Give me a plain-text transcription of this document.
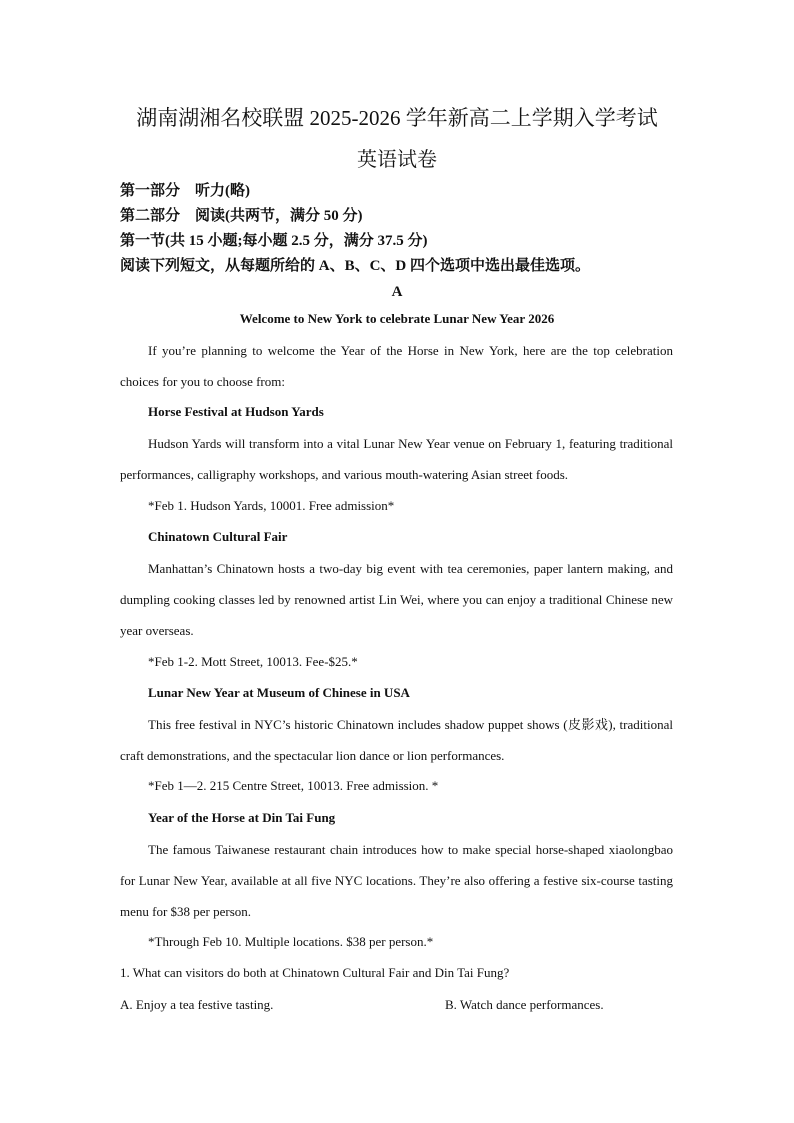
湖南湖湘名校联盟 2025-2026 学年新高二上学期入学考试
英语试卷
第一部分　听力(略)
第二部分　阅读(共两节，满分 50 分)
第一节(共 15 小题;每小题 2.5 分，满分 37.5 分)
阅读下列短文，从每题所给的 A、B、C、D 四个选项中选出最佳选项。
A
Welcome to New York to celebrate Lunar New Year 2026

If you’re planning to welcome the Year of the Horse in New York, here are the top celebration choices for you to choose from:

Horse Festival at Hudson Yards

Hudson Yards will transform into a vital Lunar New Year venue on February 1, featuring traditional performances, calligraphy workshops, and various mouth-watering Asian street foods.

*Feb 1. Hudson Yards, 10001. Free admission*
Chinatown Cultural Fair

Manhattan’s Chinatown hosts a two-day big event with tea ceremonies, paper lantern making, and dumpling cooking classes led by renowned artist Lin Wei, where you can enjoy a traditional Chinese new year overseas.

*Feb 1-2. Mott Street, 10013. Fee-$25.*
Lunar New Year at Museum of Chinese in USA

This free festival in NYC’s historic Chinatown includes shadow puppet shows (皮影戏), traditional craft demonstrations, and the spectacular lion dance or lion performances.

*Feb 1—2. 215 Centre Street, 10013. Free admission. *
Year of the Horse at Din Tai Fung

The famous Taiwanese restaurant chain introduces how to make special horse-shaped xiaolongbao for Lunar New Year, available at all five NYC locations. They’re also offering a festive six-course tasting menu for $38 per person.

*Through Feb 10. Multiple locations. $38 per person.*
1. What can visitors do both at Chinatown Cultural Fair and Din Tai Fung?
A. Enjoy a tea festive tasting.	B. Watch dance performances.
